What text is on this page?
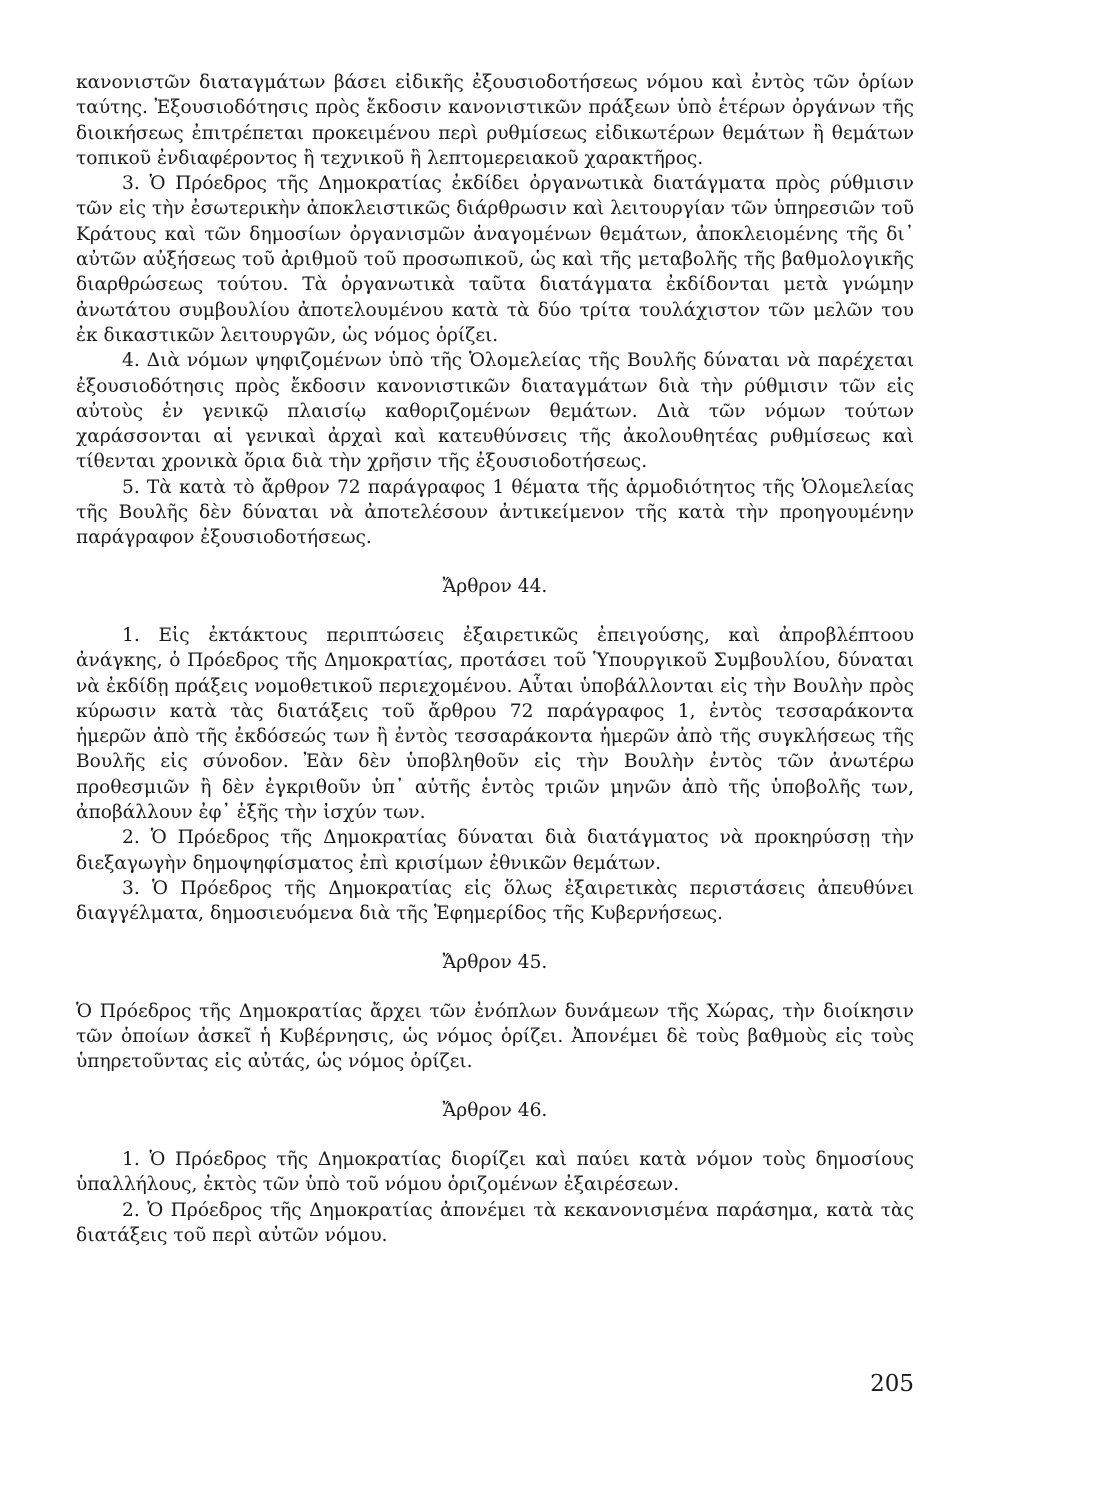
κανονιστῶν διαταγμάτων βάσει εἰδικῆς ἐξουσιοδοτήσεως νόμου καὶ ἐντὸς τῶν ὁρίων ταύτης. Ἐξουσιοδότησις πρὸς ἔκδοσιν κανονιστικῶν πράξεων ὑπὸ ἑτέρων ὀργάνων τῆς διοικήσεως ἐπιτρέπεται προκειμένου περὶ ρυθμίσεως εἰδικωτέρων θεμάτων ἢ θεμάτων τοπικοῦ ἐνδιαφέροντος ἢ τεχνικοῦ ἢ λεπτομερειακοῦ χαρακτῆρος.

3. Ὁ Πρόεδρος τῆς Δημοκρατίας ἐκδίδει ὀργανωτικὰ διατάγματα πρὸς ρύθμισιν τῶν εἰς τὴν ἐσωτερικὴν ἀποκλειστικῶς διάρθρωσιν καὶ λειτουργίαν τῶν ὑπηρεσιῶν τοῦ Κράτους καὶ τῶν δημοσίων ὀργανισμῶν ἀναγομένων θεμάτων, ἀποκλειομένης τῆς δι᾿ αὐτῶν αὐξήσεως τοῦ ἀριθμοῦ τοῦ προσωπικοῦ, ὡς καὶ τῆς μεταβολῆς τῆς βαθμολογικῆς διαρθρώσεως τούτου. Τὰ ὀργανωτικὰ ταῦτα διατάγματα ἐκδίδονται μετὰ γνώμην ἀνωτάτου συμβουλίου ἀποτελουμένου κατὰ τὰ δύο τρίτα τουλάχιστον τῶν μελῶν του ἐκ δικαστικῶν λειτουργῶν, ὡς νόμος ὁρίζει.

4. Διὰ νόμων ψηφιζομένων ὑπὸ τῆς Ὁλομελείας τῆς Βουλῆς δύναται νὰ παρέχεται ἐξουσιοδότησις πρὸς ἔκδοσιν κανονιστικῶν διαταγμάτων διὰ τὴν ρύθμισιν τῶν εἰς αὐτοὺς ἐν γενικῷ πλαισίῳ καθοριζομένων θεμάτων. Διὰ τῶν νόμων τούτων χαράσσονται αἱ γενικαὶ ἀρχαὶ καὶ κατευθύνσεις τῆς ἀκολουθητέας ρυθμίσεως καὶ τίθενται χρονικὰ ὅρια διὰ τὴν χρῆσιν τῆς ἐξουσιοδοτήσεως.

5. Τὰ κατὰ τὸ ἄρθρον 72 παράγραφος 1 θέματα τῆς ἁρμοδιότητος τῆς Ὁλομελείας τῆς Βουλῆς δὲν δύναται νὰ ἀποτελέσουν ἀντικείμενον τῆς κατὰ τὴν προηγουμένην παράγραφον ἐξουσιοδοτήσεως.

Ἄρθρον 44.

1. Εἰς ἐκτάκτους περιπτώσεις ἐξαιρετικῶς ἐπειγούσης, καὶ ἀπροβλέπτοου ἀνάγκης, ὁ Πρόεδρος τῆς Δημοκρατίας, προτάσει τοῦ Ὑπουργικοῦ Συμβουλίου, δύναται νὰ ἐκδίδῃ πράξεις νομοθετικοῦ περιεχομένου. Αὗται ὑποβάλλονται εἰς τὴν Βουλὴν πρὸς κύρωσιν κατὰ τὰς διατάξεις τοῦ ἄρθρου 72 παράγραφος 1, ἐντὸς τεσσαράκοντα ἡμερῶν ἀπὸ τῆς ἐκδόσεώς των ἢ ἐντὸς τεσσαράκοντα ἡμερῶν ἀπὸ τῆς συγκλήσεως τῆς Βουλῆς εἰς σύνοδον. Ἐὰν δὲν ὑποβληθοῦν εἰς τὴν Βουλὴν ἐντὸς τῶν ἀνωτέρω προθεσμιῶν ἢ δὲν ἐγκριθοῦν ὑπ᾿ αὐτῆς ἐντὸς τριῶν μηνῶν ἀπὸ τῆς ὑποβολῆς των, ἀποβάλλουν ἐφ᾿ ἑξῆς τὴν ἰσχύν των.

2. Ὁ Πρόεδρος τῆς Δημοκρατίας δύναται διὰ διατάγματος νὰ προκηρύσσῃ τὴν διεξαγωγὴν δημοψηφίσματος ἐπὶ κρισίμων ἐθνικῶν θεμάτων.

3. Ὁ Πρόεδρος τῆς Δημοκρατίας εἰς ὅλως ἐξαιρετικὰς περιστάσεις ἀπευθύνει διαγγέλματα, δημοσιευόμενα διὰ τῆς Ἐφημερίδος τῆς Κυβερνήσεως.

Ἄρθρον 45.

Ὁ Πρόεδρος τῆς Δημοκρατίας ἄρχει τῶν ἐνόπλων δυνάμεων τῆς Χώρας, τὴν διοίκησιν τῶν ὁποίων ἀσκεῖ ἡ Κυβέρνησις, ὡς νόμος ὁρίζει. Ἀπονέμει δὲ τοὺς βαθμοὺς εἰς τοὺς ὑπηρετοῦντας εἰς αὐτάς, ὡς νόμος ὁρίζει.

Ἄρθρον 46.

1. Ὁ Πρόεδρος τῆς Δημοκρατίας διορίζει καὶ παύει κατὰ νόμον τοὺς δημοσίους ὑπαλλήλους, ἐκτὸς τῶν ὑπὸ τοῦ νόμου ὁριζομένων ἐξαιρέσεων.

2. Ὁ Πρόεδρος τῆς Δημοκρατίας ἀπονέμει τὰ κεκανονισμένα παράσημα, κατὰ τὰς διατάξεις τοῦ περὶ αὐτῶν νόμου.

205
